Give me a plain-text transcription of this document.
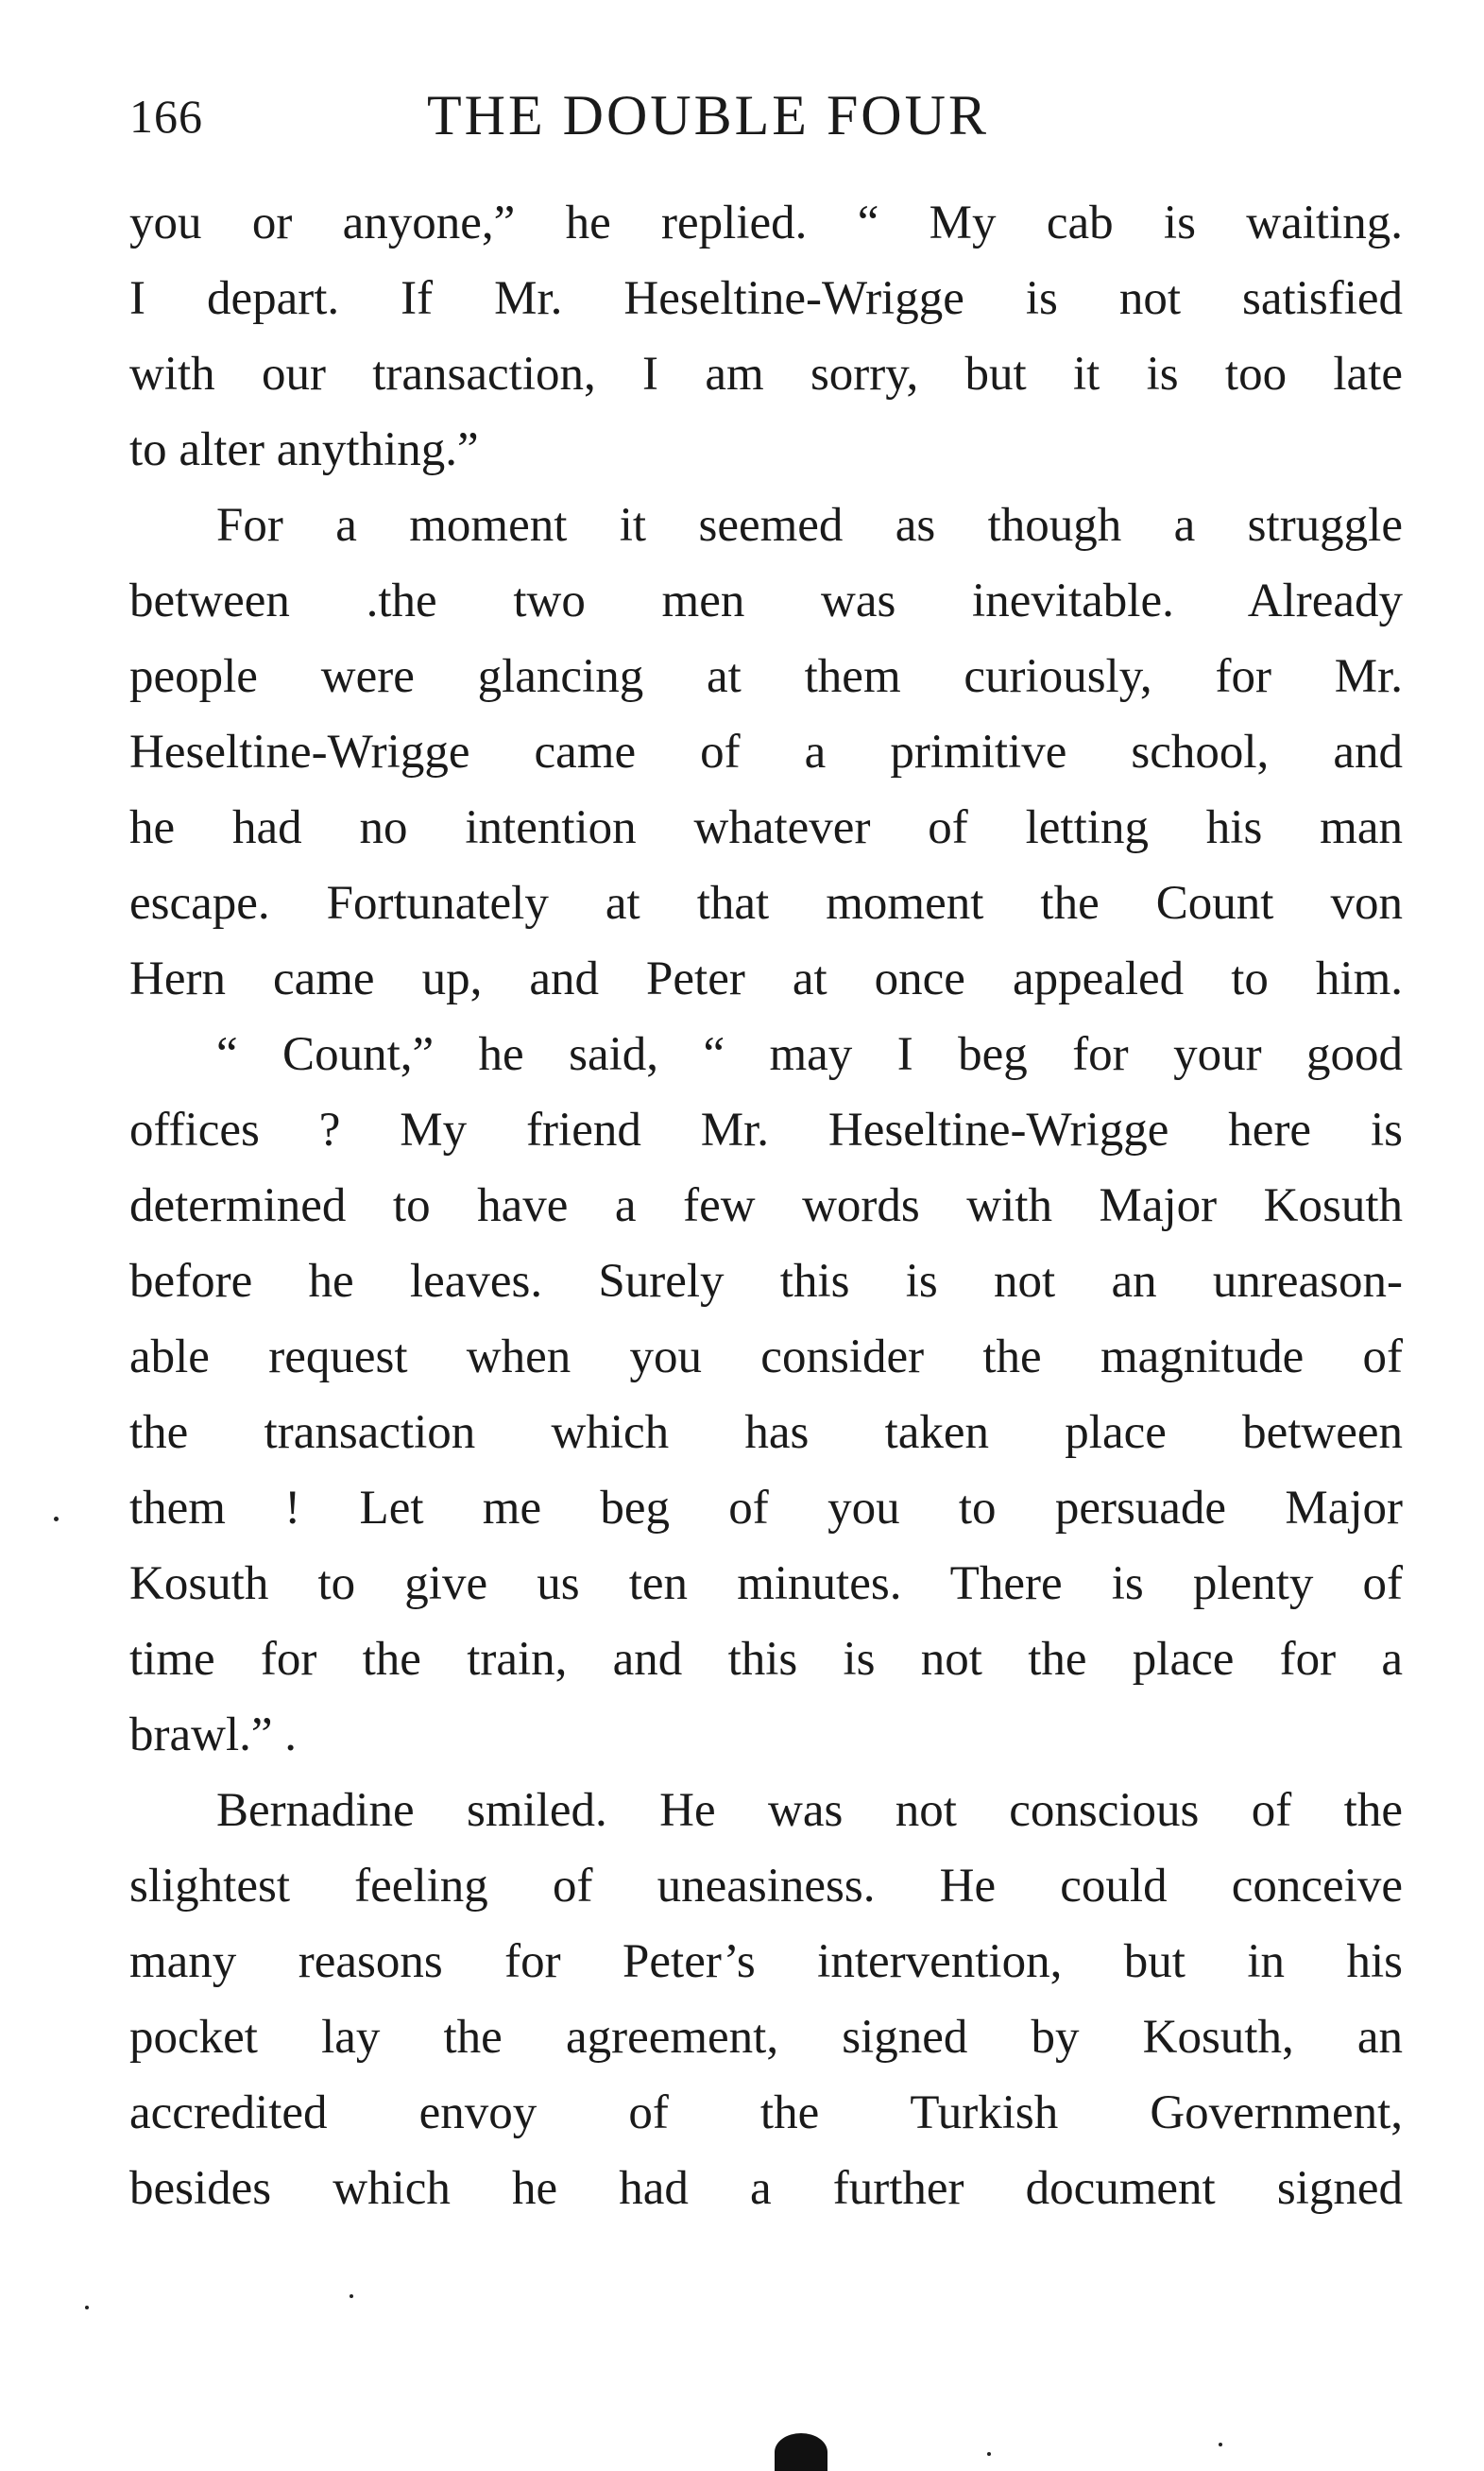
166	THE DOUBLE FOUR
you or anyone,” he replied. “ My cab is waiting.
I depart. If Mr. Heseltine-Wrigge is not satisfied
with our transaction, I am sorry, but it is too late
to alter anything.”
For a moment it seemed as though a struggle
between .the two men was inevitable. Already
people were glancing at them curiously, for Mr.
Heseltine-Wrigge came of a primitive school, and
he had no intention whatever of letting his man
escape. Fortunately at that moment the Count von
Hern came up, and Peter at once appealed to him.
“ Count,” he said, “ may I beg for your good
offices ? My friend Mr. Heseltine-Wrigge here is
determined to have a few words with Major Kosuth
before he leaves. Surely this is not an unreason-
able request when you consider the magnitude of
the transaction which has taken place between
them ! Let me beg of you to persuade Major
Kosuth to give us ten minutes. There is plenty of
time for the train, and this is not the place for a
brawl.” .
Bernadine smiled. He was not conscious of the
slightest feeling of uneasiness. He could conceive
many reasons for Peter’s intervention, but in his
pocket lay the agreement, signed by Kosuth, an
accredited envoy of the Turkish Government,
besides which he had a further document signed
